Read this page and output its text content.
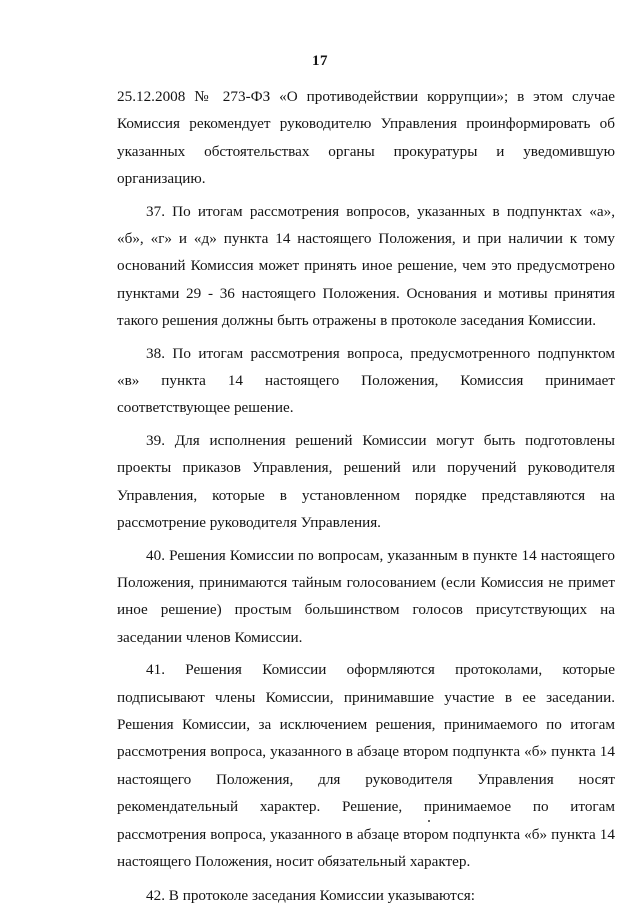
17

25.12.2008 № 273-ФЗ «О противодействии коррупции»; в этом случае Комиссия рекомендует руководителю Управления проинформировать об указанных обстоятельствах органы прокуратуры и уведомившую организацию.

37. По итогам рассмотрения вопросов, указанных в подпунктах «а», «б», «г» и «д» пункта 14 настоящего Положения, и при наличии к тому оснований Комиссия может принять иное решение, чем это предусмотрено пунктами 29 - 36 настоящего Положения. Основания и мотивы принятия такого решения должны быть отражены в протоколе заседания Комиссии.

38. По итогам рассмотрения вопроса, предусмотренного подпунктом «в» пункта 14 настоящего Положения, Комиссия принимает соответствующее решение.

39. Для исполнения решений Комиссии могут быть подготовлены проекты приказов Управления, решений или поручений руководителя Управления, которые в установленном порядке представляются на рассмотрение руководителя Управления.

40. Решения Комиссии по вопросам, указанным в пункте 14 настоящего Положения, принимаются тайным голосованием (если Комиссия не примет иное решение) простым большинством голосов присутствующих на заседании членов Комиссии.

41. Решения Комиссии оформляются протоколами, которые подписывают члены Комиссии, принимавшие участие в ее заседании. Решения Комиссии, за исключением решения, принимаемого по итогам рассмотрения вопроса, указанного в абзаце втором подпункта «б» пункта 14 настоящего Положения, для руководителя Управления носят рекомендательный характер. Решение, принимаемое по итогам рассмотрения вопроса, указанного в абзаце втором подпункта «б» пункта 14 настоящего Положения, носит обязательный характер.

42. В протоколе заседания Комиссии указываются:
